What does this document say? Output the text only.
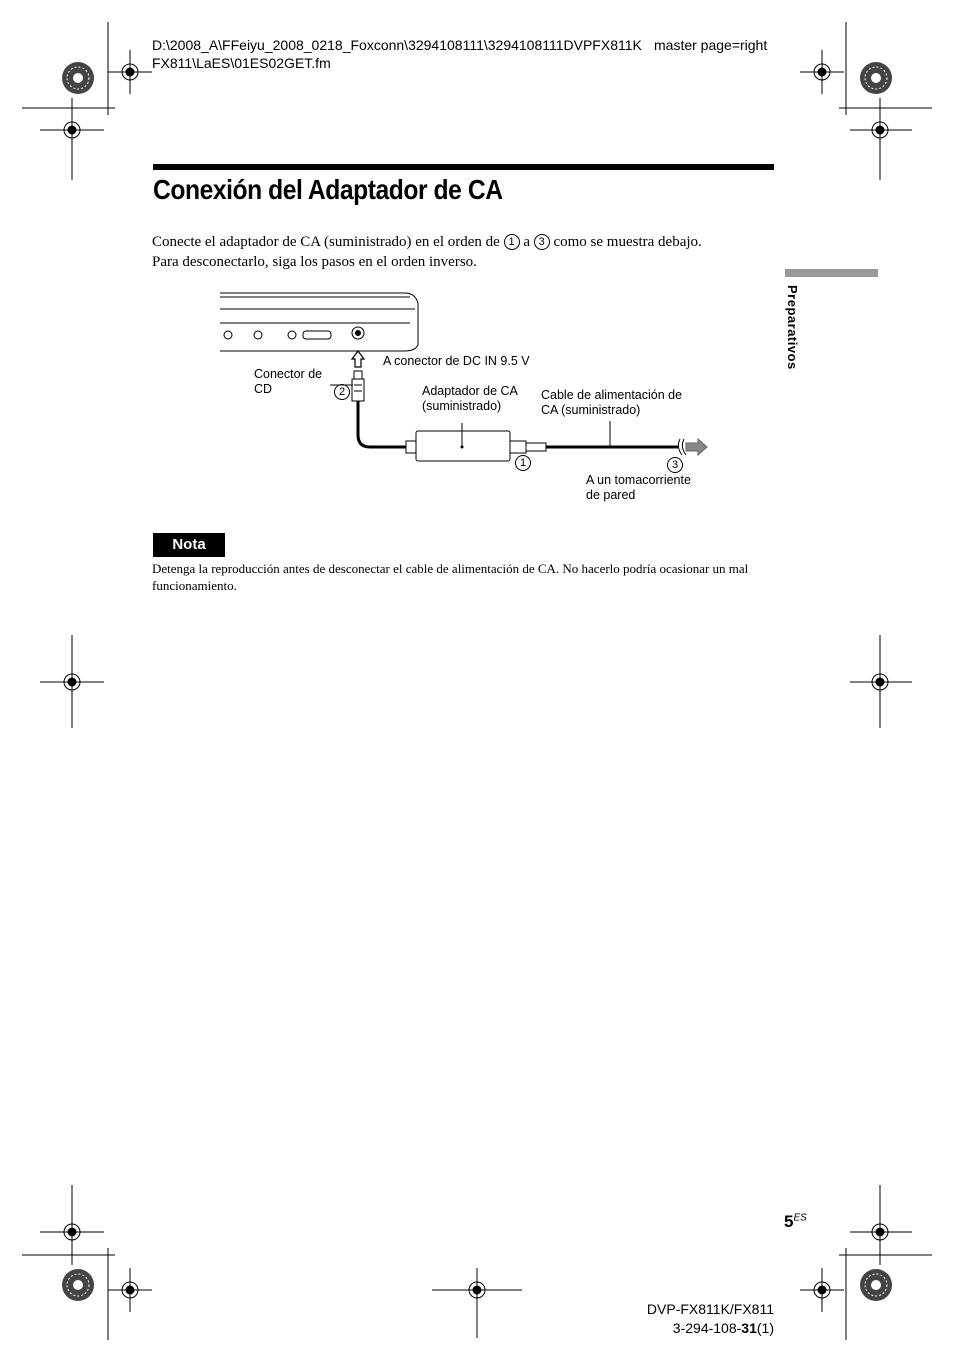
D:\2008_A\FFeiyu_2008_0218_Foxconn\3294108111\3294108111DVPFX811K master page=right
FX811\LaES\01ES02GET.fm
Conexión del Adaptador de CA
Conecte el adaptador de CA (suministrado) en el orden de 1 a 3 como se muestra debajo.
Para desconectarlo, siga los pasos en el orden inverso.
Preparativos
A conector de DC IN 9.5 V
Conector de
CD	2	Adaptador de CA
(suministrado)
Cable de alimentación de
CA (suministrado)
1	3
A un tomacorriente
de pared
Nota
Detenga la reproducción antes de desconectar el cable de alimentación de CA. No hacerlo podría ocasionar un mal funcionamiento.
$5^{ES}$
DVP-FX811K/FX811
3-294-108-31(1)
